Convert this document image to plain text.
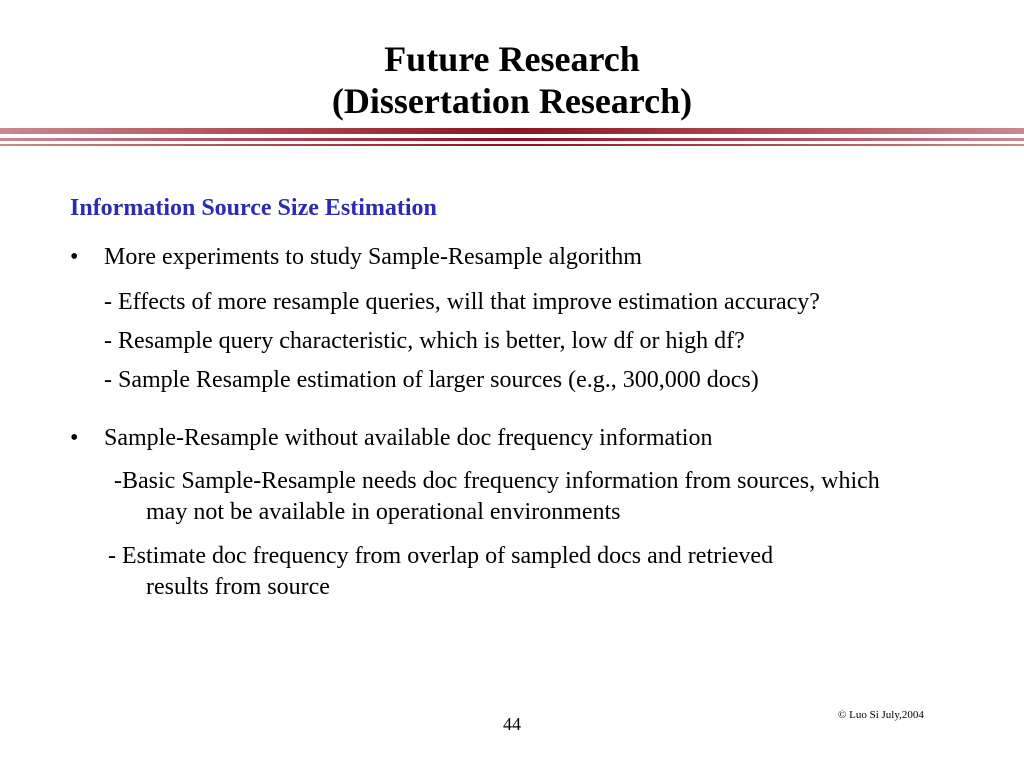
Future Research
(Dissertation Research)
Information Source Size Estimation
• More experiments to study Sample-Resample algorithm
- Effects of more resample queries, will that improve estimation accuracy?
- Resample query characteristic, which is better, low df or high df?
- Sample Resample estimation of larger sources (e.g., 300,000 docs)
• Sample-Resample without available doc frequency information
-Basic Sample-Resample needs doc frequency information from sources, which
may not be available in operational environments
- Estimate doc frequency from overlap of sampled docs and retrieved
results from source
© Luo Si July,2004
44
